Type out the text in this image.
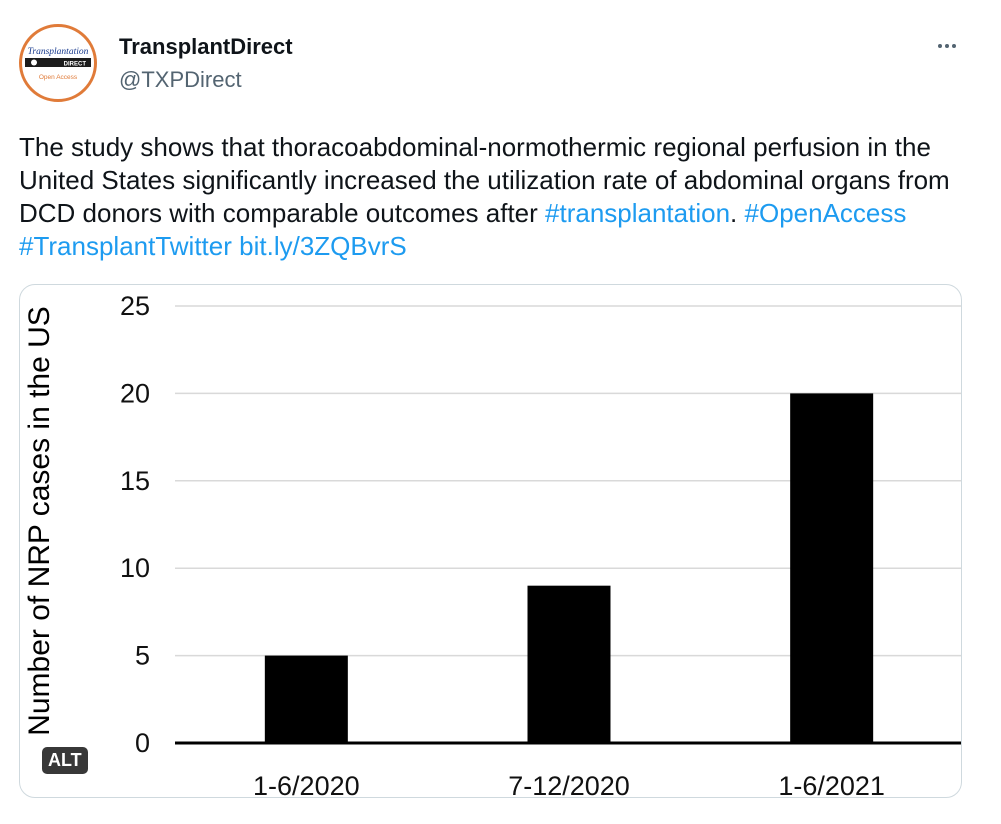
Transplantation
DIRECT
Open Access
TransplantDirect
@TXPDirect
The study shows that thoracoabdominal-normothermic regional perfusion in the United States significantly increased the utilization rate of abdominal organs from DCD donors with comparable outcomes after #transplantation. #OpenAccess #TransplantTwitter bit.ly/3ZQBvrS
0
5
10
15
20
25
1-6/2020	7-12/2020	1-6/2021
Number of NRP cases in the US
ALT
